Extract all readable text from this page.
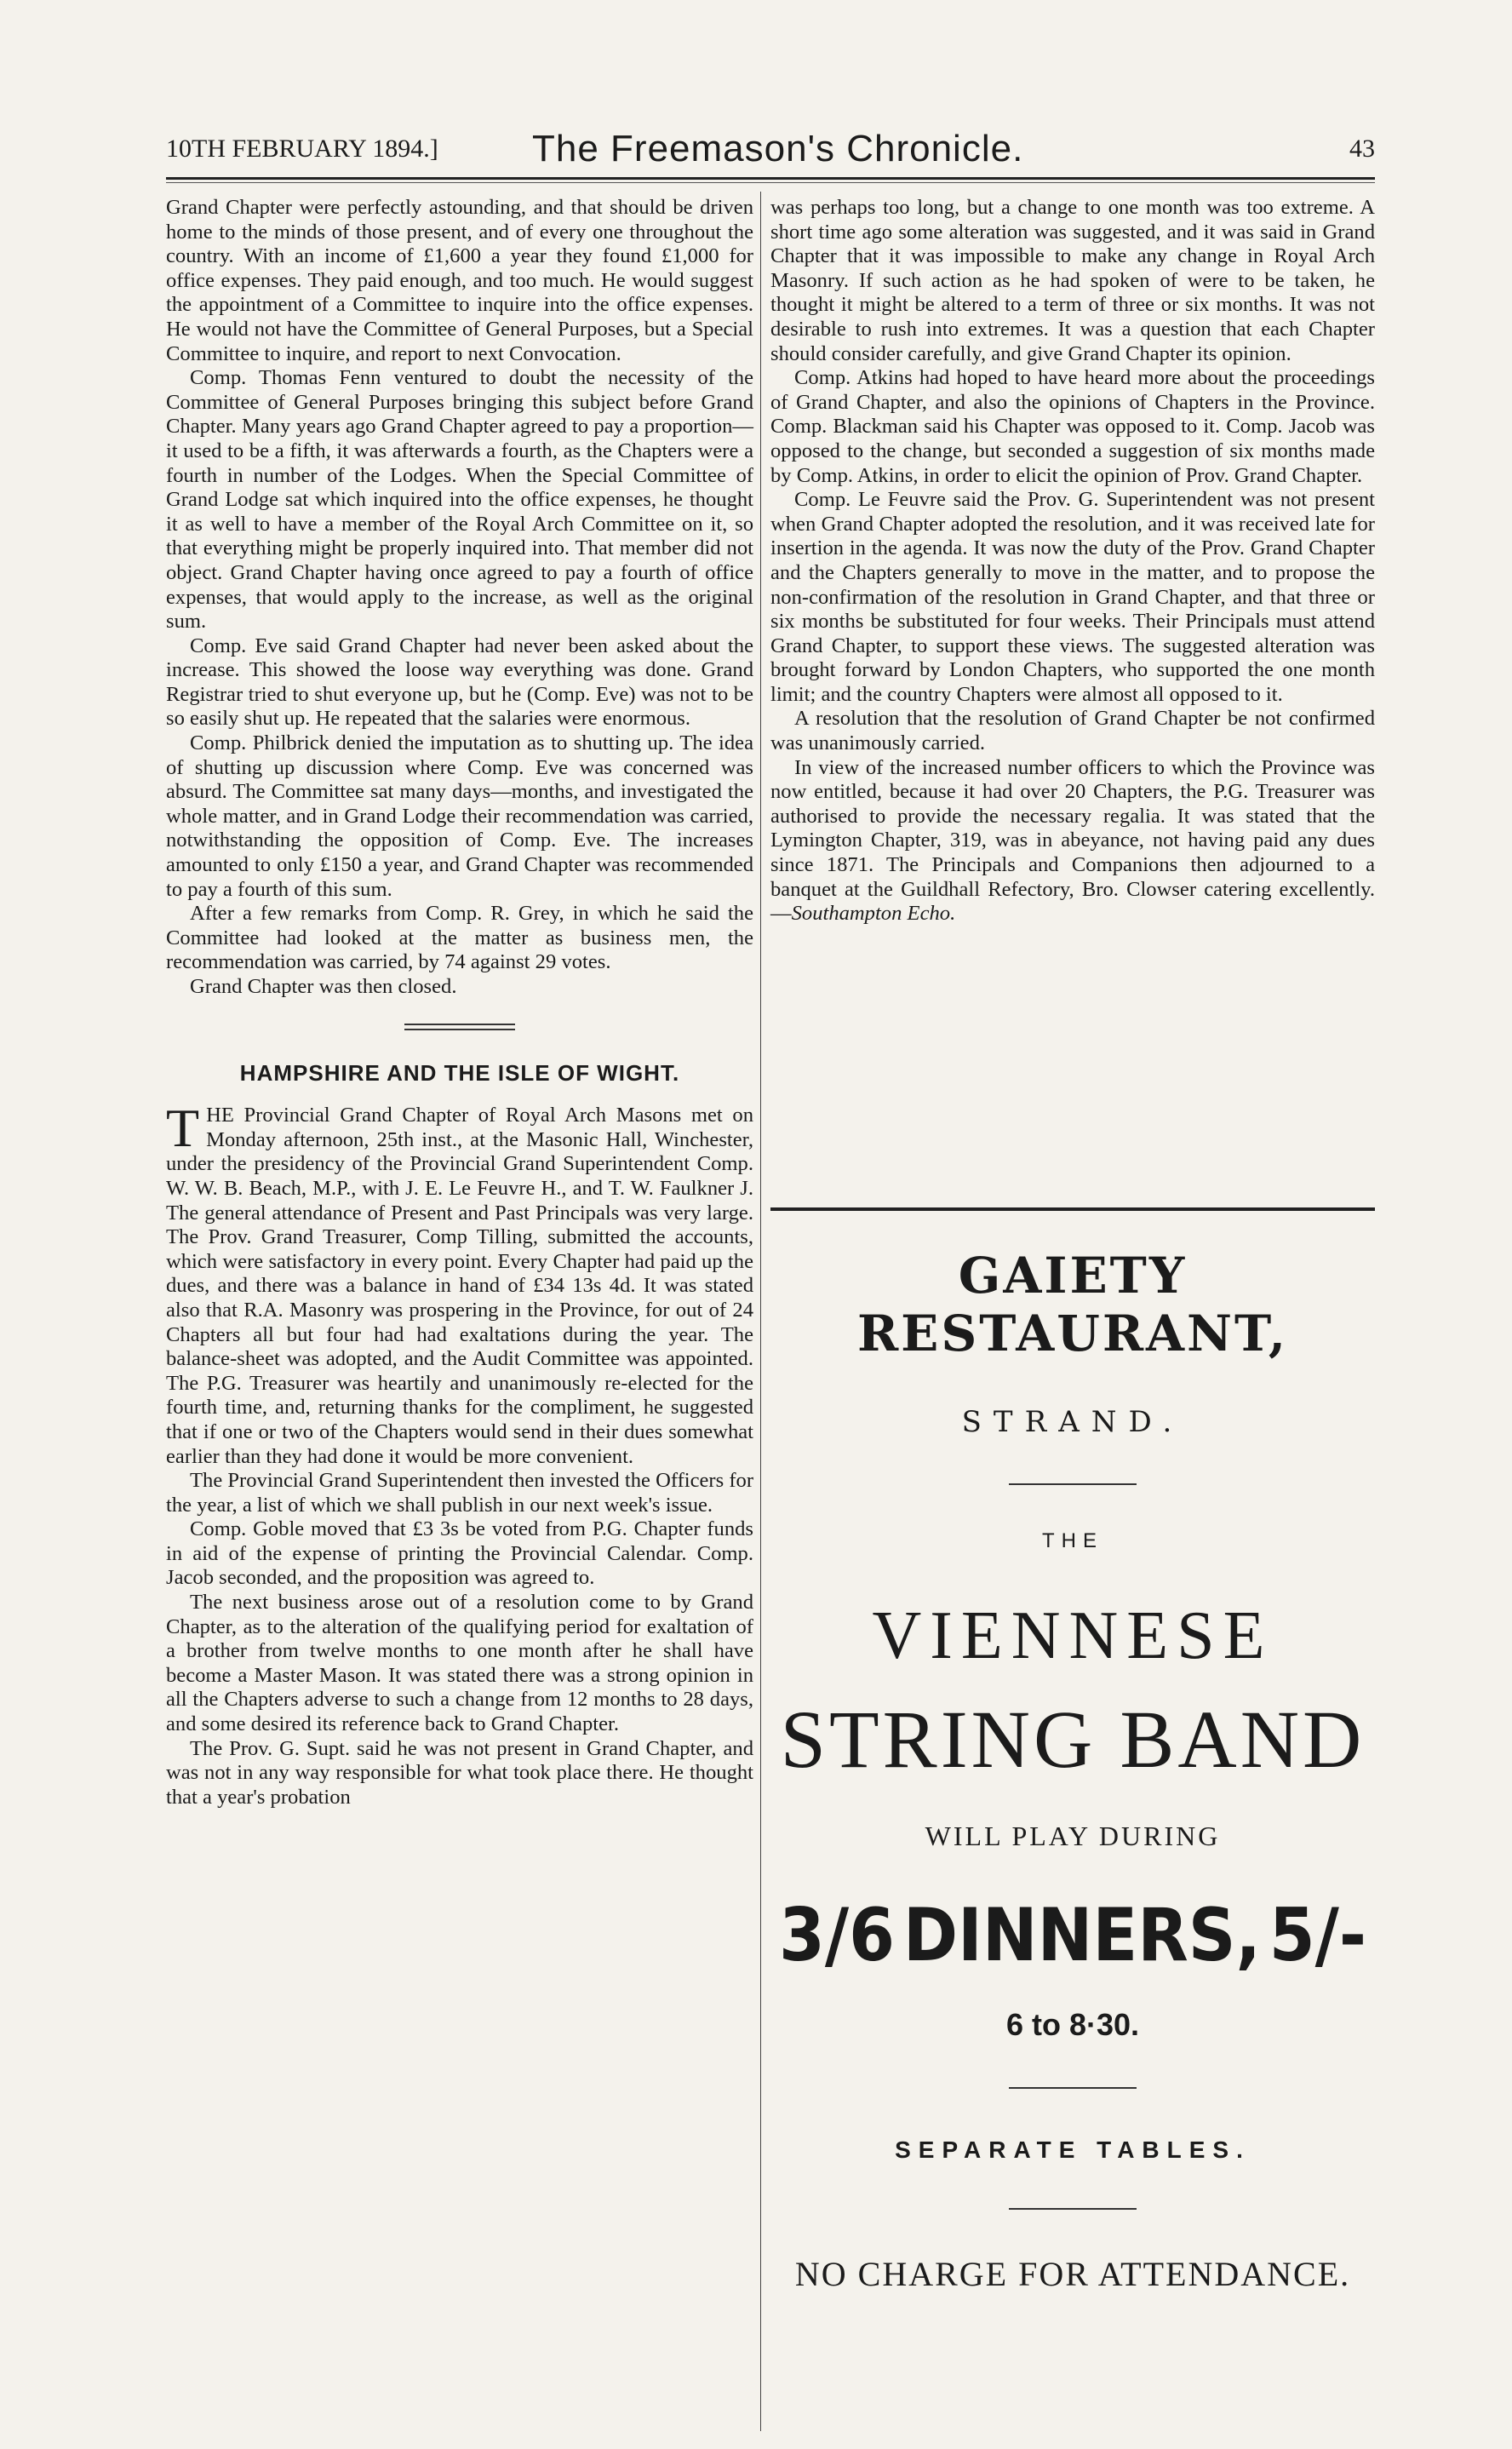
10TH FEBRUARY 1894.]	The Freemason's Chronicle.	43

Grand Chapter were perfectly astounding, and that should be driven home to the minds of those present, and of every one throughout the country. With an income of £1,600 a year they found £1,000 for office expenses. They paid enough, and too much. He would suggest the appointment of a Committee to inquire into the office expenses. He would not have the Committee of General Purposes, but a Special Committee to inquire, and report to next Convocation.

Comp. Thomas Fenn ventured to doubt the necessity of the Committee of General Purposes bringing this subject before Grand Chapter. Many years ago Grand Chapter agreed to pay a proportion—it used to be a fifth, it was afterwards a fourth, as the Chapters were a fourth in number of the Lodges. When the Special Committee of Grand Lodge sat which inquired into the office expenses, he thought it as well to have a member of the Royal Arch Committee on it, so that everything might be properly inquired into. That member did not object. Grand Chapter having once agreed to pay a fourth of office expenses, that would apply to the increase, as well as the original sum.

Comp. Eve said Grand Chapter had never been asked about the increase. This showed the loose way everything was done. Grand Registrar tried to shut everyone up, but he (Comp. Eve) was not to be so easily shut up. He repeated that the salaries were enormous.

Comp. Philbrick denied the imputation as to shutting up. The idea of shutting up discussion where Comp. Eve was concerned was absurd. The Committee sat many days—months, and investigated the whole matter, and in Grand Lodge their recommendation was carried, notwithstanding the opposition of Comp. Eve. The increases amounted to only £150 a year, and Grand Chapter was recommended to pay a fourth of this sum.

After a few remarks from Comp. R. Grey, in which he said the Committee had looked at the matter as business men, the recommendation was carried, by 74 against 29 votes.

Grand Chapter was then closed.

HAMPSHIRE AND THE ISLE OF WIGHT.

THE Provincial Grand Chapter of Royal Arch Masons met on Monday afternoon, 25th inst., at the Masonic Hall, Winchester, under the presidency of the Provincial Grand Superintendent Comp. W. W. B. Beach, M.P., with J. E. Le Feuvre H., and T. W. Faulkner J. The general attendance of Present and Past Principals was very large. The Prov. Grand Treasurer, Comp Tilling, submitted the accounts, which were satisfactory in every point. Every Chapter had paid up the dues, and there was a balance in hand of £34 13s 4d. It was stated also that R.A. Masonry was prospering in the Province, for out of 24 Chapters all but four had had exaltations during the year. The balance-sheet was adopted, and the Audit Committee was appointed. The P.G. Treasurer was heartily and unanimously re-elected for the fourth time, and, returning thanks for the compliment, he suggested that if one or two of the Chapters would send in their dues somewhat earlier than they had done it would be more convenient.

The Provincial Grand Superintendent then invested the Officers for the year, a list of which we shall publish in our next week's issue.

Comp. Goble moved that £3 3s be voted from P.G. Chapter funds in aid of the expense of printing the Provincial Calendar. Comp. Jacob seconded, and the proposition was agreed to.

The next business arose out of a resolution come to by Grand Chapter, as to the alteration of the qualifying period for exaltation of a brother from twelve months to one month after he shall have become a Master Mason. It was stated there was a strong opinion in all the Chapters adverse to such a change from 12 months to 28 days, and some desired its reference back to Grand Chapter.

The Prov. G. Supt. said he was not present in Grand Chapter, and was not in any way responsible for what took place there. He thought that a year's probation

was perhaps too long, but a change to one month was too extreme. A short time ago some alteration was suggested, and it was said in Grand Chapter that it was impossible to make any change in Royal Arch Masonry. If such action as he had spoken of were to be taken, he thought it might be altered to a term of three or six months. It was not desirable to rush into extremes. It was a question that each Chapter should consider carefully, and give Grand Chapter its opinion.

Comp. Atkins had hoped to have heard more about the proceedings of Grand Chapter, and also the opinions of Chapters in the Province. Comp. Blackman said his Chapter was opposed to it. Comp. Jacob was opposed to the change, but seconded a suggestion of six months made by Comp. Atkins, in order to elicit the opinion of Prov. Grand Chapter.

Comp. Le Feuvre said the Prov. G. Superintendent was not present when Grand Chapter adopted the resolution, and it was received late for insertion in the agenda. It was now the duty of the Prov. Grand Chapter and the Chapters generally to move in the matter, and to propose the non-confirmation of the resolution in Grand Chapter, and that three or six months be substituted for four weeks. Their Principals must attend Grand Chapter, to support these views. The suggested alteration was brought forward by London Chapters, who supported the one month limit; and the country Chapters were almost all opposed to it.

A resolution that the resolution of Grand Chapter be not confirmed was unanimously carried.

In view of the increased number officers to which the Province was now entitled, because it had over 20 Chapters, the P.G. Treasurer was authorised to provide the necessary regalia. It was stated that the Lymington Chapter, 319, was in abeyance, not having paid any dues since 1871. The Principals and Companions then adjourned to a banquet at the Guildhall Refectory, Bro. Clowser catering excellently.—Southampton Echo.

GAIETY RESTAURANT,
STRAND.
THE
VIENNESE
STRING BAND
WILL PLAY DURING
3/6 DINNERS, 5/-
6 to 8·30.
SEPARATE TABLES.
NO CHARGE FOR ATTENDANCE.
